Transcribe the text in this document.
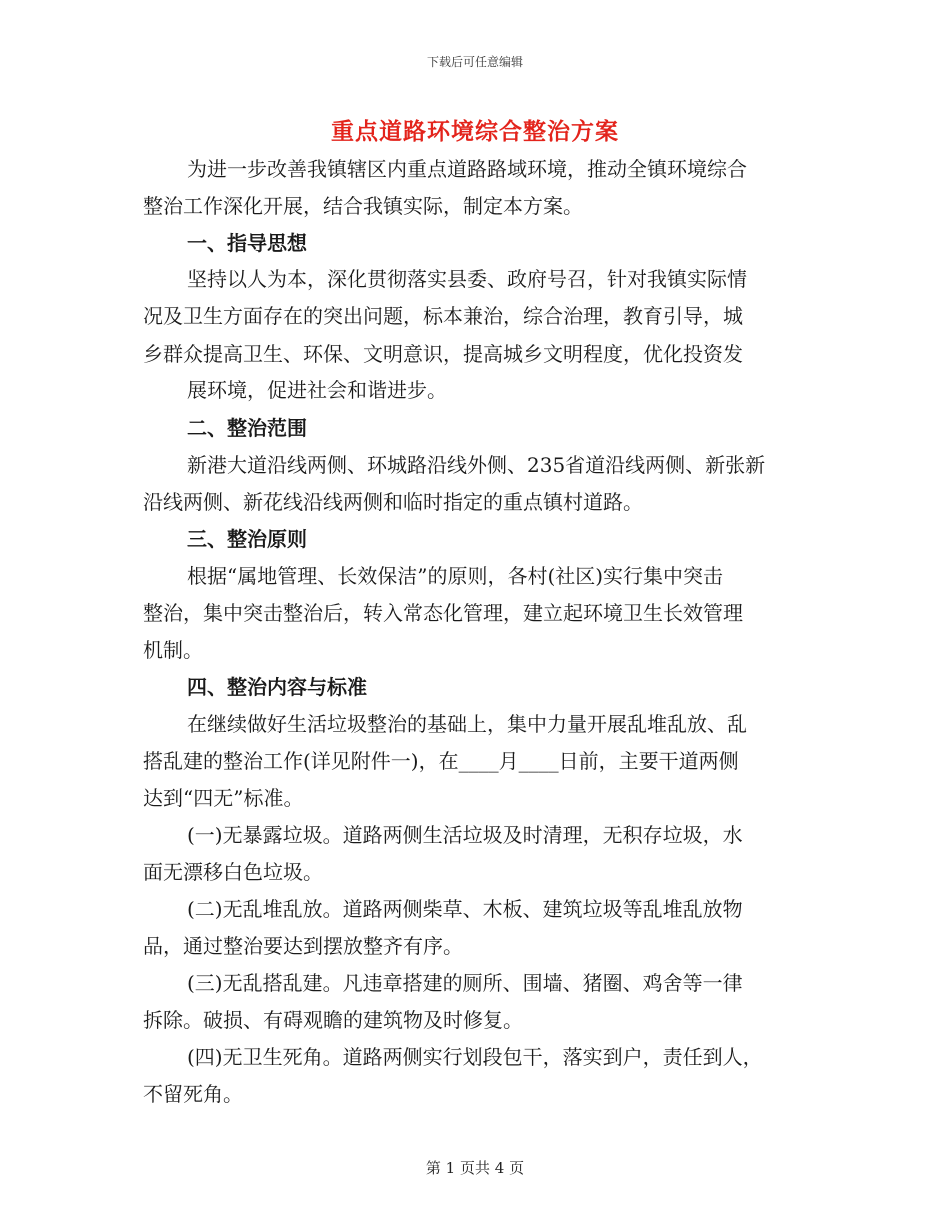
下载后可任意编辑
重点道路环境综合整治方案
为进一步改善我镇辖区内重点道路路域环境，推动全镇环境综合
整治工作深化开展，结合我镇实际，制定本方案。
一、指导思想
坚持以人为本，深化贯彻落实县委、政府号召，针对我镇实际情
况及卫生方面存在的突出问题，标本兼治，综合治理，教育引导，城
乡群众提高卫生、环保、文明意识，提高城乡文明程度，优化投资发
展环境，促进社会和谐进步。
二、整治范围
新港大道沿线两侧、环城路沿线外侧、235省道沿线两侧、新张新
沿线两侧、新花线沿线两侧和临时指定的重点镇村道路。
三、整治原则
根据“属地管理、长效保洁”的原则，各村(社区)实行集中突击
整治，集中突击整治后，转入常态化管理，建立起环境卫生长效管理
机制。
四、整治内容与标准
在继续做好生活垃圾整治的基础上，集中力量开展乱堆乱放、乱
搭乱建的整治工作(详见附件一)，在____月____日前，主要干道两侧
达到“四无”标准。
(一)无暴露垃圾。道路两侧生活垃圾及时清理，无积存垃圾，水
面无漂移白色垃圾。
(二)无乱堆乱放。道路两侧柴草、木板、建筑垃圾等乱堆乱放物
品，通过整治要达到摆放整齐有序。
(三)无乱搭乱建。凡违章搭建的厕所、围墙、猪圈、鸡舍等一律
拆除。破损、有碍观瞻的建筑物及时修复。
(四)无卫生死角。道路两侧实行划段包干，落实到户，责任到人，
不留死角。
第 1 页共 4 页
